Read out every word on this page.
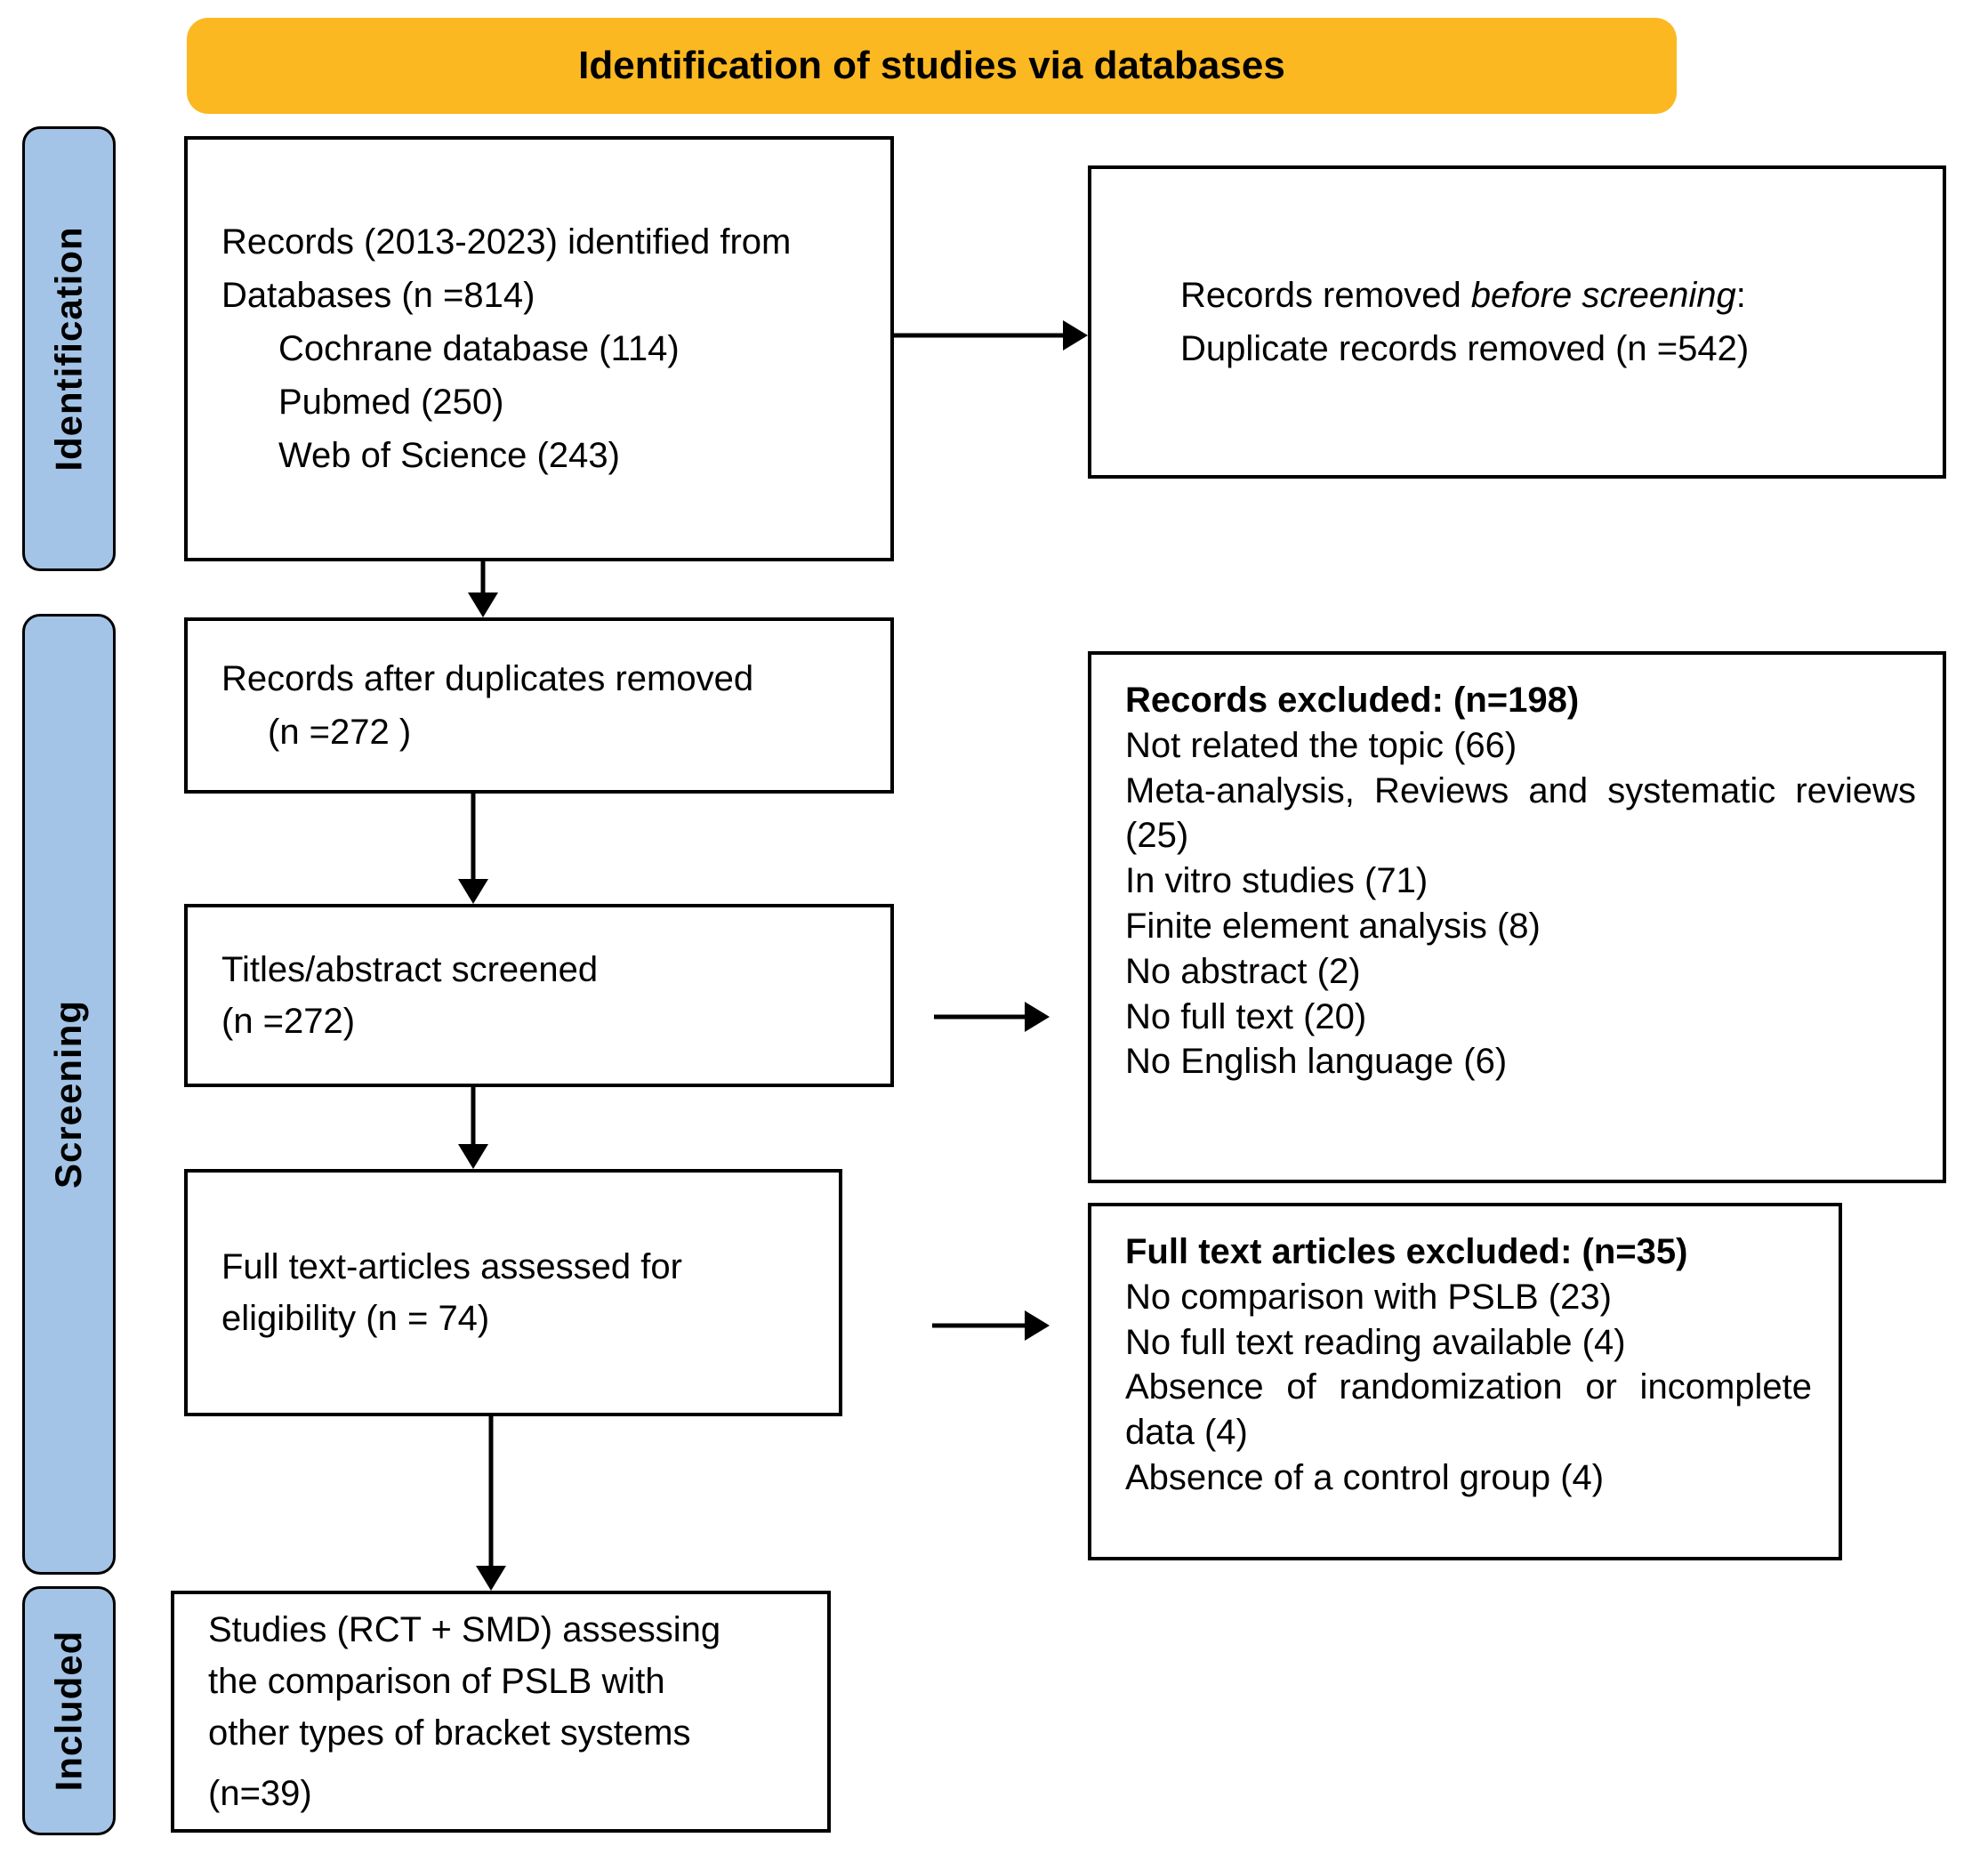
Identification of studies via databases
Identification
Screening
Included
Records (2013-2023) identified from
Databases (n =814)
Cochrane database (114)
Pubmed (250)
Web of Science (243)
Records removed before screening:
Duplicate records removed (n =542)
Records after duplicates removed
(n =272 )
Titles/abstract screened
(n =272)
Records excluded: (n=198)
Not related the topic (66)
Meta-analysis, Reviews and systematic reviews (25)
In vitro studies (71)
Finite element analysis (8)
No abstract (2)
No full text (20)
No English language (6)
Full text-articles assessed for
eligibility (n = 74)
Full text articles excluded: (n=35)
No comparison with PSLB (23)
No full text reading available (4)
Absence of randomization or incomplete data (4)
Absence of a control group (4)
Studies (RCT + SMD) assessing
the comparison of PSLB with
other types of bracket systems
(n=39)
